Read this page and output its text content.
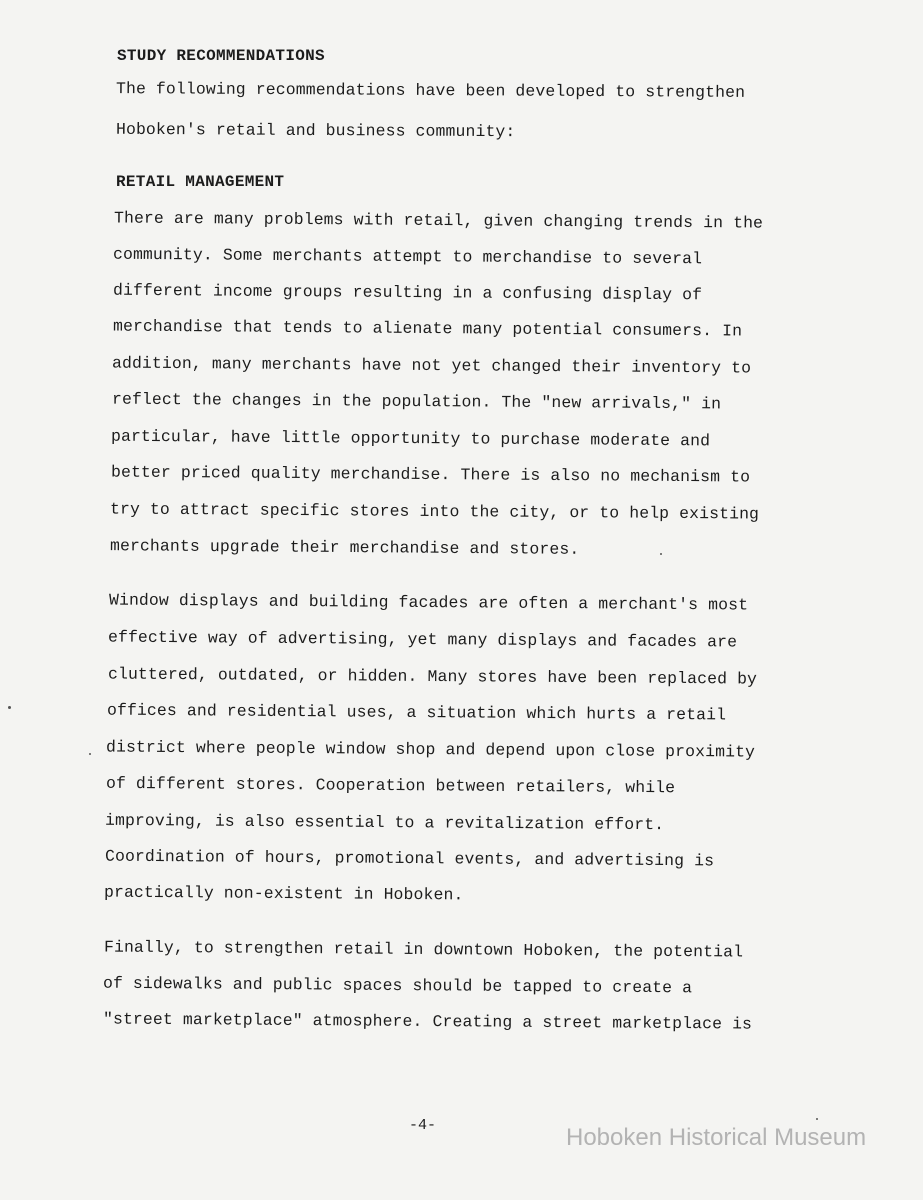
STUDY RECOMMENDATIONS
The following recommendations have been developed to strengthen
Hoboken's retail and business community:
RETAIL MANAGEMENT
There are many problems with retail, given changing trends in the
community. Some merchants attempt to merchandise to several
different income groups resulting in a confusing display of
merchandise that tends to alienate many potential consumers. In
addition, many merchants have not yet changed their inventory to
reflect the changes in the population. The "new arrivals," in
particular, have little opportunity to purchase moderate and
better priced quality merchandise. There is also no mechanism to
try to attract specific stores into the city, or to help existing
merchants upgrade their merchandise and stores.
Window displays and building facades are often a merchant's most
effective way of advertising, yet many displays and facades are
cluttered, outdated, or hidden. Many stores have been replaced by
offices and residential uses, a situation which hurts a retail
district where people window shop and depend upon close proximity
of different stores. Cooperation between retailers, while
improving, is also essential to a revitalization effort.
Coordination of hours, promotional events, and advertising is
practically non-existent in Hoboken.
Finally, to strengthen retail in downtown Hoboken, the potential
of sidewalks and public spaces should be tapped to create a
"street marketplace" atmosphere. Creating a street marketplace is
-4-	Hoboken Historical Museum
